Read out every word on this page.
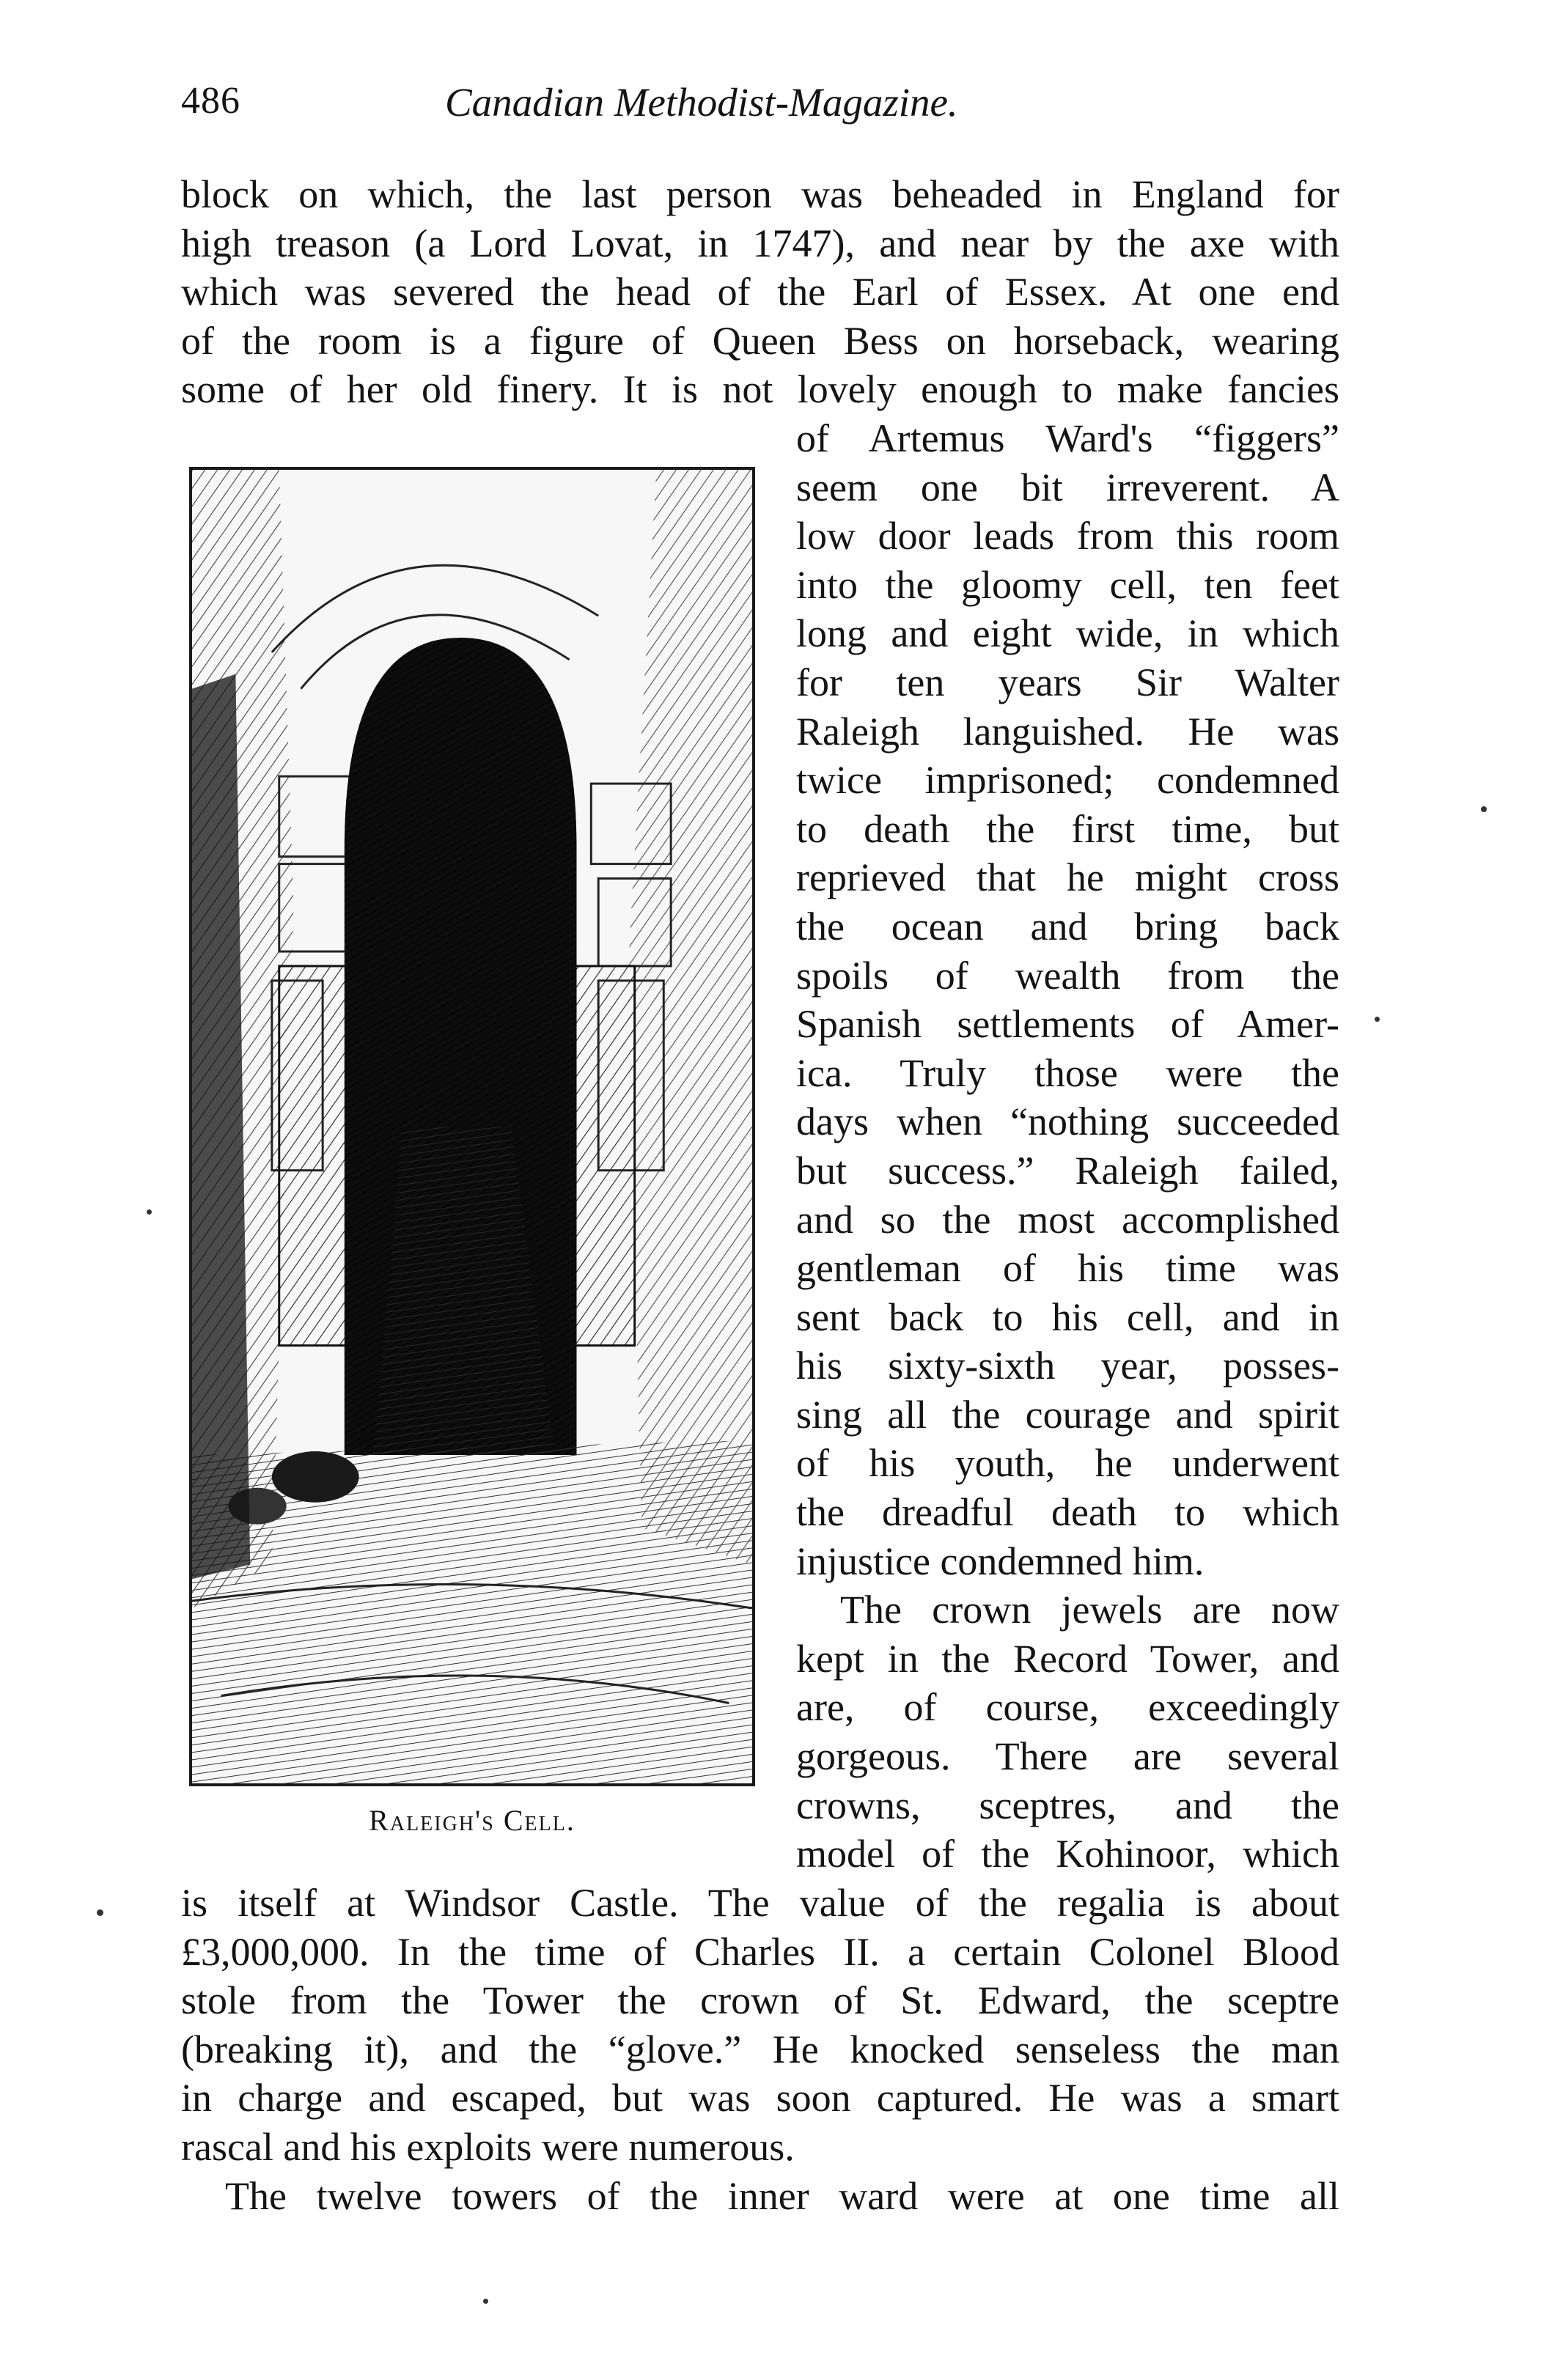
486	Canadian Methodist-Magazine.
block on which, the last person was beheaded in England for
high treason (a Lord Lovat, in 1747), and near by the axe with
which was severed the head of the Earl of Essex. At one end
of the room is a figure of Queen Bess on horseback, wearing
some of her old finery. It is not lovely enough to make fancies
Raleigh's Cell.
of Artemus Ward's “figgers”
seem one bit irreverent. A
low door leads from this room
into the gloomy cell, ten feet
long and eight wide, in which
for ten years Sir Walter
Raleigh languished. He was
twice imprisoned; condemned
to death the first time, but
reprieved that he might cross
the ocean and bring back
spoils of wealth from the
Spanish settlements of Amer-
ica. Truly those were the
days when “nothing succeeded
but success.” Raleigh failed,
and so the most accomplished
gentleman of his time was
sent back to his cell, and in
his sixty-sixth year, posses-
sing all the courage and spirit
of his youth, he underwent
the dreadful death to which
injustice condemned him.
The crown jewels are now
kept in the Record Tower, and
are, of course, exceedingly
gorgeous. There are several
crowns, sceptres, and the
model of the Kohinoor, which
is itself at Windsor Castle. The value of the regalia is about
£3,000,000. In the time of Charles II. a certain Colonel Blood
stole from the Tower the crown of St. Edward, the sceptre
(breaking it), and the “glove.” He knocked senseless the man
in charge and escaped, but was soon captured. He was a smart
rascal and his exploits were numerous.
The twelve towers of the inner ward were at one time all
